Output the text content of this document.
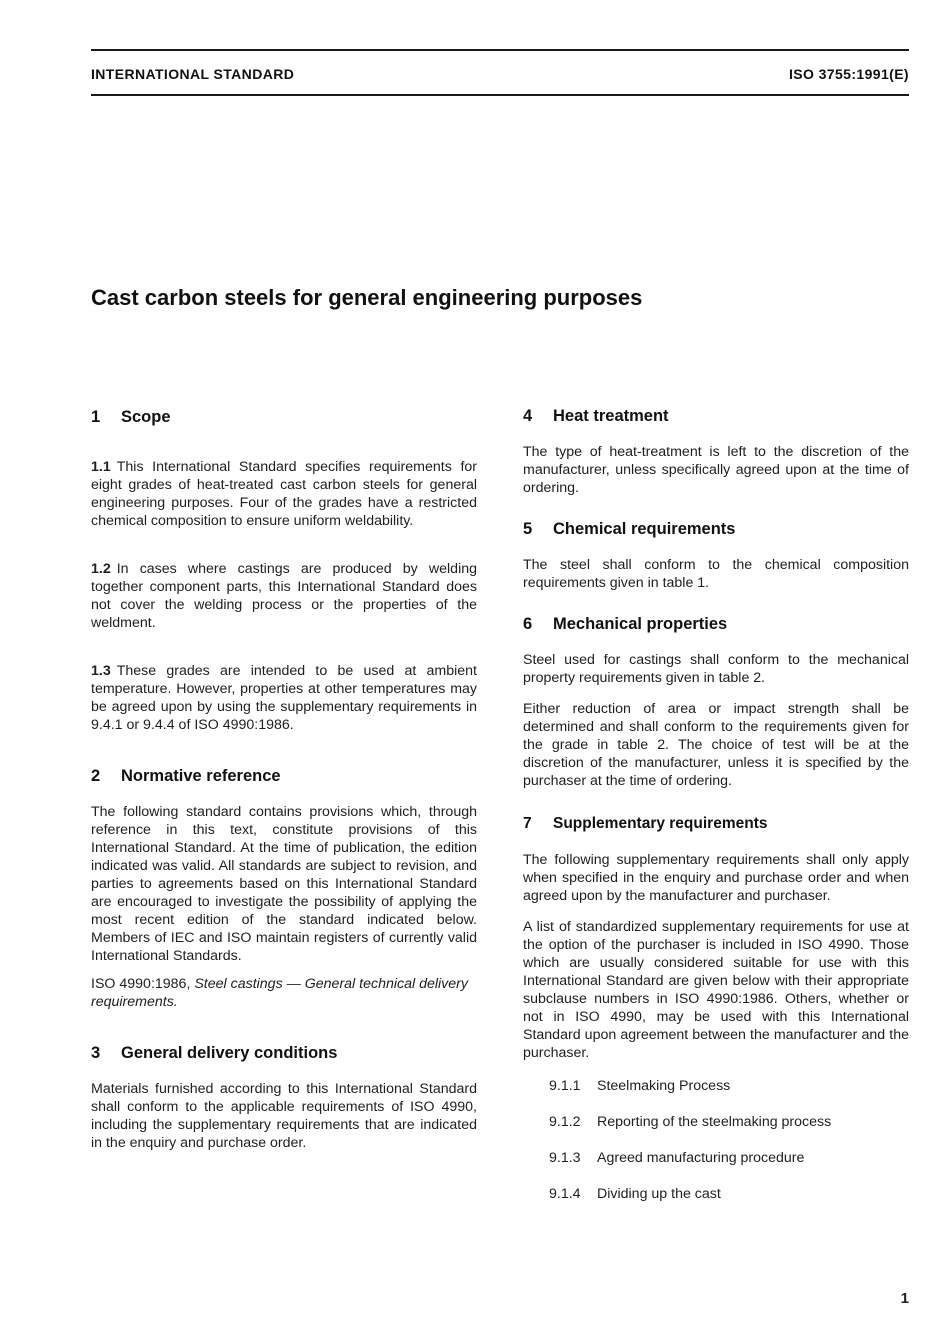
INTERNATIONAL STANDARD	ISO 3755:1991(E)
Cast carbon steels for general engineering purposes
1	Scope

1.1 This International Standard specifies requirements for eight grades of heat-treated cast carbon steels for general engineering purposes. Four of the grades have a restricted chemical composition to ensure uniform weldability.

1.2 In cases where castings are produced by welding together component parts, this International Standard does not cover the welding process or the properties of the weldment.

1.3 These grades are intended to be used at ambient temperature. However, properties at other temperatures may be agreed upon by using the supplementary requirements in 9.4.1 or 9.4.4 of ISO 4990:1986.

2	Normative reference

The following standard contains provisions which, through reference in this text, constitute provisions of this International Standard. At the time of publication, the edition indicated was valid. All standards are subject to revision, and parties to agreements based on this International Standard are encouraged to investigate the possibility of applying the most recent edition of the standard indicated below. Members of IEC and ISO maintain registers of currently valid International Standards.

ISO 4990:1986, Steel castings — General technical delivery requirements.

3	General delivery conditions

Materials furnished according to this International Standard shall conform to the applicable requirements of ISO 4990, including the supplementary requirements that are indicated in the enquiry and purchase order.

4	Heat treatment

The type of heat-treatment is left to the discretion of the manufacturer, unless specifically agreed upon at the time of ordering.

5	Chemical requirements

The steel shall conform to the chemical composition requirements given in table 1.

6	Mechanical properties

Steel used for castings shall conform to the mechanical property requirements given in table 2.

Either reduction of area or impact strength shall be determined and shall conform to the requirements given for the grade in table 2. The choice of test will be at the discretion of the manufacturer, unless it is specified by the purchaser at the time of ordering.

7	Supplementary requirements

The following supplementary requirements shall only apply when specified in the enquiry and purchase order and when agreed upon by the manufacturer and purchaser.

A list of standardized supplementary requirements for use at the option of the purchaser is included in ISO 4990. Those which are usually considered suitable for use with this International Standard are given below with their appropriate subclause numbers in ISO 4990:1986. Others, whether or not in ISO 4990, may be used with this International Standard upon agreement between the manufacturer and the purchaser.

9.1.1	Steelmaking Process
9.1.2	Reporting of the steelmaking process
9.1.3	Agreed manufacturing procedure
9.1.4	Dividing up the cast
1
